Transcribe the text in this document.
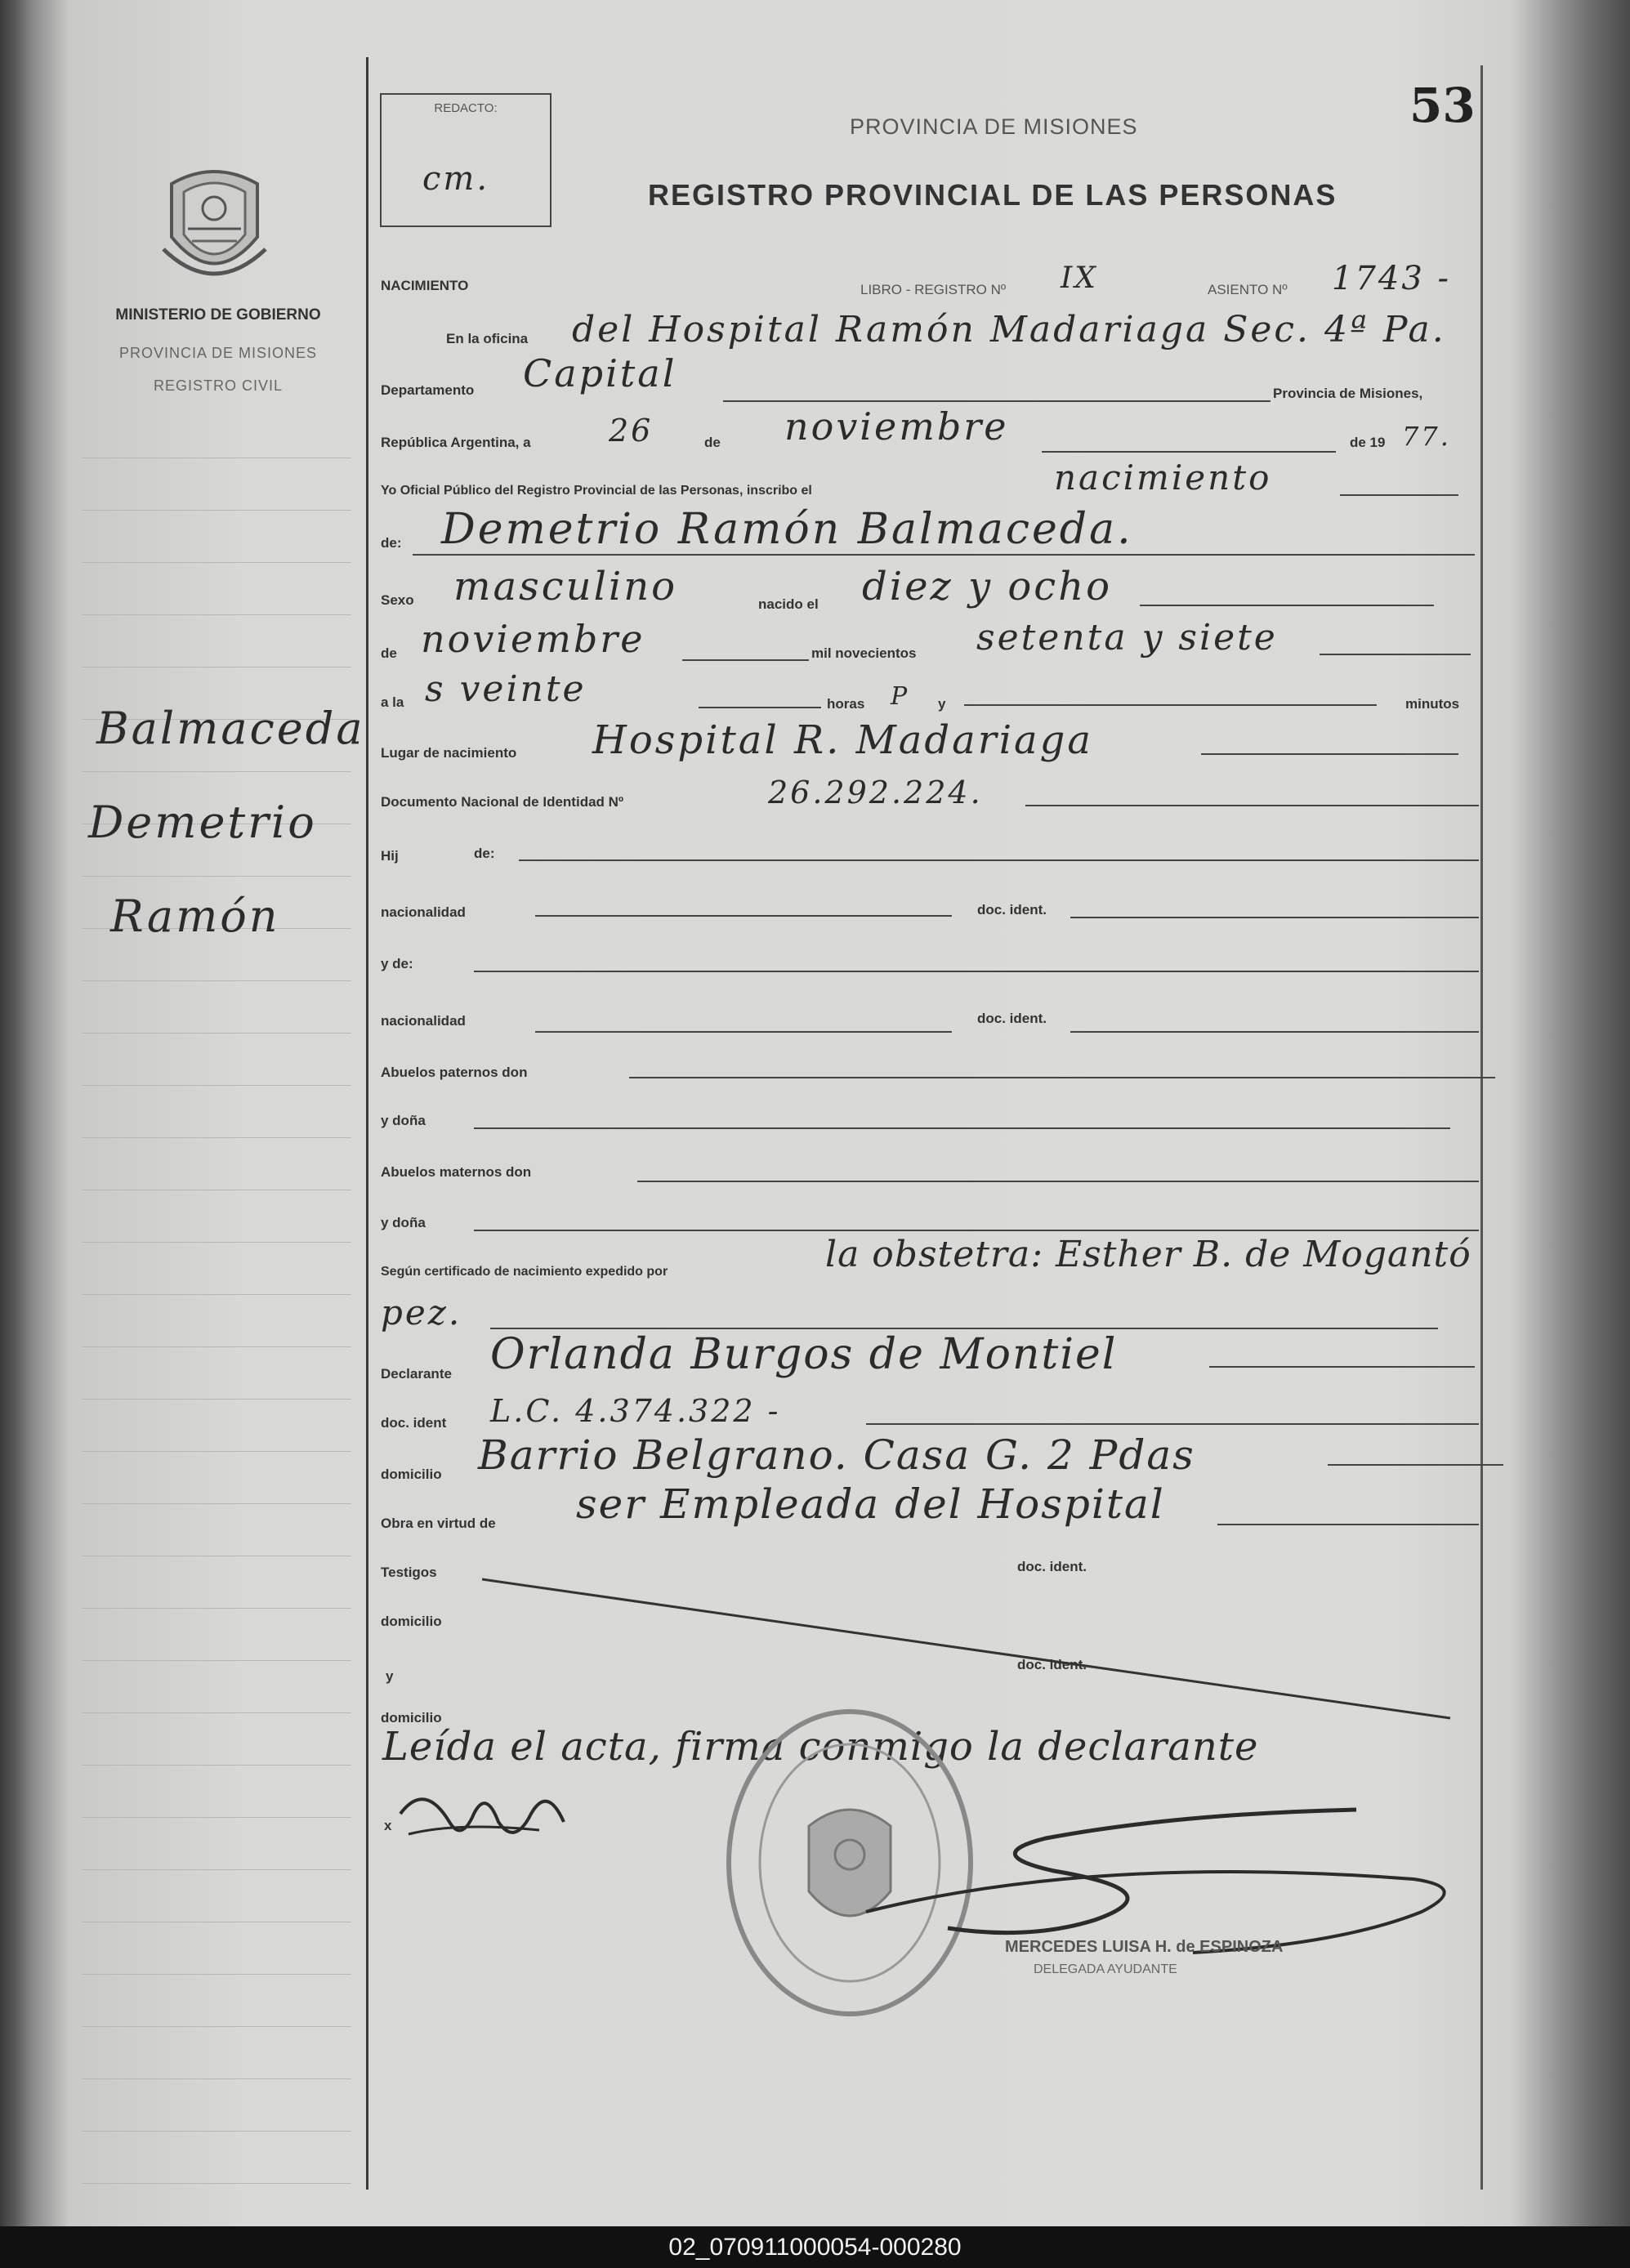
53
REDACTO:
cm.
PROVINCIA DE MISIONES
REGISTRO PROVINCIAL DE LAS PERSONAS
MINISTERIO DE GOBIERNO
PROVINCIA DE MISIONES
REGISTRO CIVIL
Balmaceda
Demetrio
Ramón
NACIMIENTO	LIBRO - REGISTRO Nº IX	ASIENTO Nº 1743 -
En la oficina del Hospital Ramón Madariaga Sec. 4ª Pa.
Departamento Capital	Provincia de Misiones,
República Argentina, a	26	de noviembre	de 19 77.
Yo Oficial Público del Registro Provincial de las Personas, inscribo el	nacimiento
de: Demetrio Ramón Balmaceda.
Sexo masculino	nacido el diez y ocho
de noviembre	mil novecientos setenta y siete
a la s veinte	horas P y	minutos
Lugar de nacimiento Hospital R. Madariaga
Documento Nacional de Identidad Nº	26.292.224.
Hij	de:
nacionalidad	doc. ident.
y de:
nacionalidad	doc. ident.
Abuelos paternos don
y doña
Abuelos maternos don
y doña
Según certificado de nacimiento expedido por	la obstetra: Esther B. de Mogantó
pez.
Declarante Orlanda Burgos de Montiel
doc. ident L.C. 4.374.322 -
domicilio Barrio Belgrano. Casa G. 2 Pdas
Obra en virtud de ser Empleada del Hospital
Testigos	doc. ident.
domicilio
y
doc. ident.
domicilio
Leída el acta, firma conmigo la declarante
x
MERCEDES LUISA H. de ESPINOZA
DELEGADA AYUDANTE
02_070911000054-000280
